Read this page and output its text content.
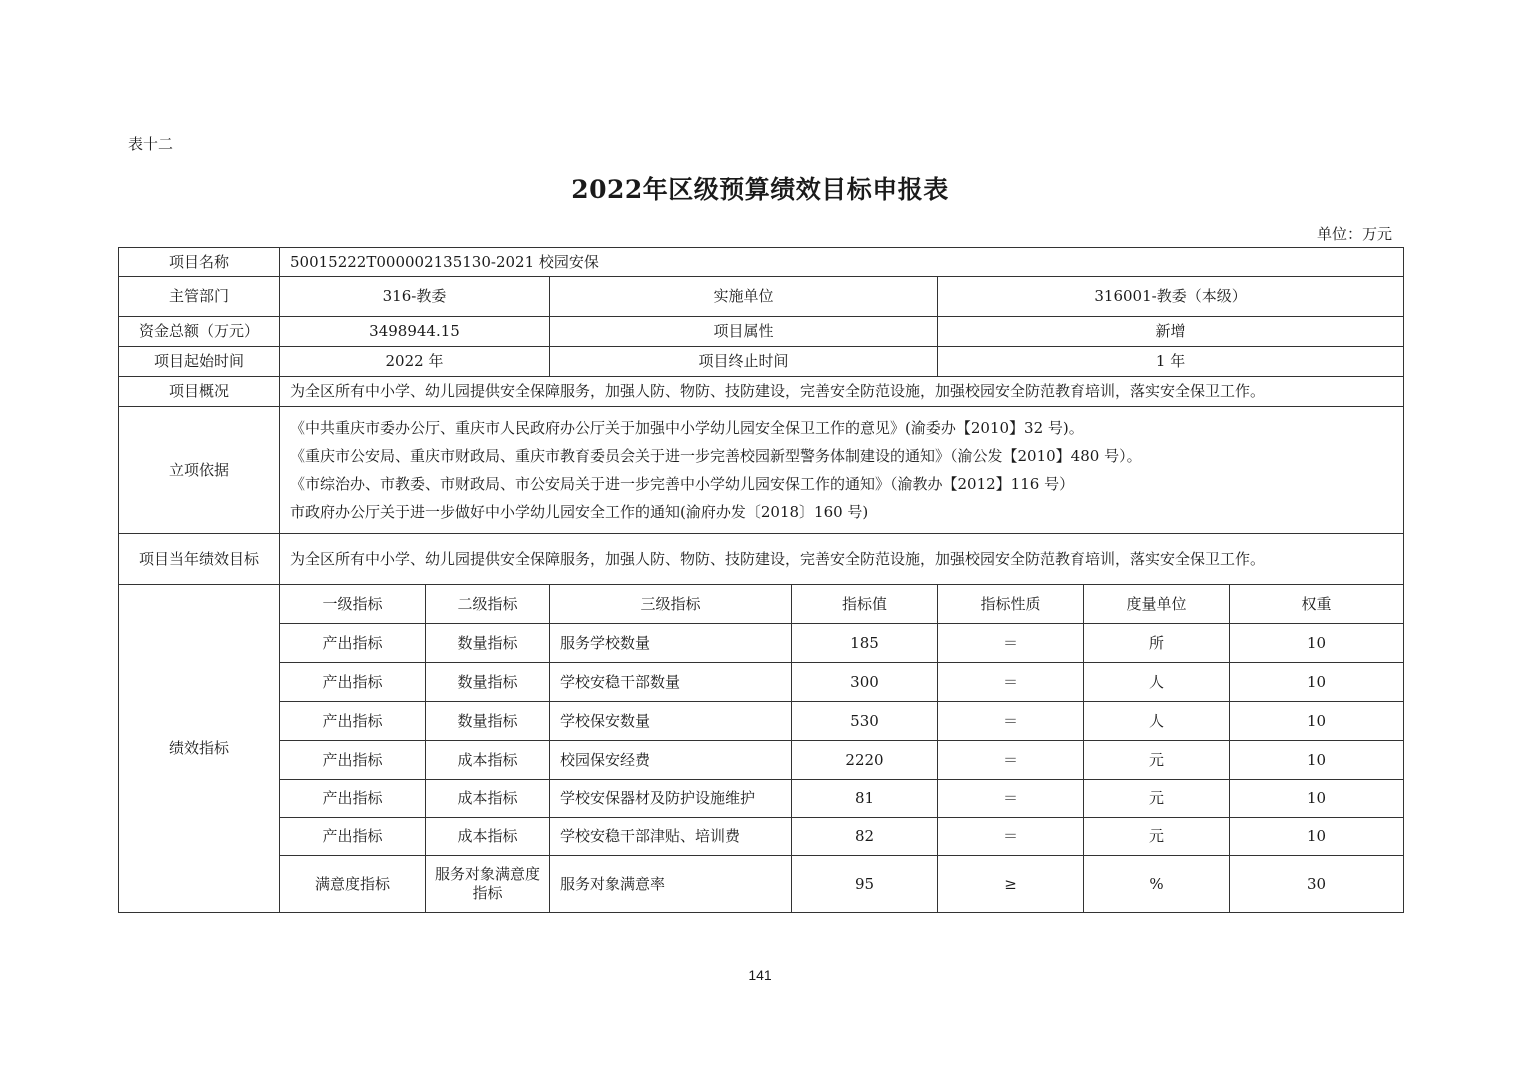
表十二
2022年区级预算绩效目标申报表
单位：万元
项目名称	50015222T000002135130-2021 校园安保						
主管部门	316-教委		实施单位		316001-教委（本级）		
资金总额（万元）	3498944.15		项目属性		新增		
项目起始时间	2022 年		项目终止时间		1 年		
项目概况	为全区所有中小学、幼儿园提供安全保障服务，加强人防、物防、技防建设，完善安全防范设施，加强校园安全防范教育培训，落实安全保卫工作。						
立项依据	《中共重庆市委办公厅、重庆市人民政府办公厅关于加强中小学幼儿园安全保卫工作的意见》(渝委办【2010】32 号)。
《重庆市公安局、重庆市财政局、重庆市教育委员会关于进一步完善校园新型警务体制建设的通知》（渝公发【2010】480 号）。
《市综治办、市教委、市财政局、市公安局关于进一步完善中小学幼儿园安保工作的通知》（渝教办【2012】116 号）
市政府办公厅关于进一步做好中小学幼儿园安全工作的通知(渝府办发〔2018〕160 号)						

项目当年绩效目标	为全区所有中小学、幼儿园提供安全保障服务，加强人防、物防、技防建设，完善安全防范设施，加强校园安全防范教育培训，落实安全保卫工作。						
绩效指标	一级指标	二级指标	三级指标	指标值	指标性质	度量单位	权重
	产出指标	数量指标	服务学校数量	185	＝	所	10
	产出指标	数量指标	学校安稳干部数量	300	＝	人	10
	产出指标	数量指标	学校保安数量	530	＝	人	10
	产出指标	成本指标	校园保安经费	2220	＝	元	10
	产出指标	成本指标	学校安保器材及防护设施维护	81	＝	元	10
	产出指标	成本指标	学校安稳干部津贴、培训费	82	＝	元	10
	满意度指标	服务对象满意度指标	服务对象满意率	95	≥	%	30
141
